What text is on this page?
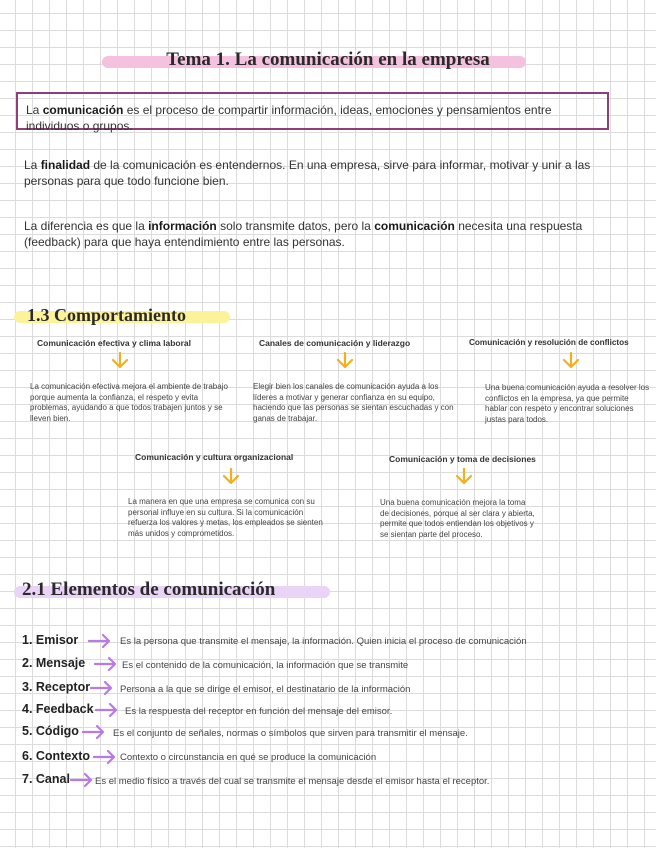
Tema 1. La comunicación en la empresa
La comunicación es el proceso de compartir información, ideas, emociones y pensamientos entre individuos o grupos.
La finalidad de la comunicación es entendernos. En una empresa, sirve para informar, motivar y unir a las personas para que todo funcione bien.
La diferencia es que la información solo transmite datos, pero la comunicación necesita una respuesta (feedback) para que haya entendimiento entre las personas.
1.3 Comportamiento
Comunicación efectiva y clima laboral
La comunicación efectiva mejora el ambiente de trabajo porque aumenta la confianza, el respeto y evita problemas, ayudando a que todos trabajen juntos y se lleven bien.
Canales de comunicación y liderazgo
Elegir bien los canales de comunicación ayuda a los líderes a motivar y generar confianza en su equipo, haciendo que las personas se sientan escuchadas y con ganas de trabajar.
Comunicación y resolución de conflictos
Una buena comunicación ayuda a resolver los conflictos en la empresa, ya que permite hablar con respeto y encontrar soluciones justas para todos.
Comunicación y cultura organizacional
La manera en que una empresa se comunica con su personal influye en su cultura. Si la comunicación refuerza los valores y metas, los empleados se sienten más unidos y comprometidos.
Comunicación y toma de decisiones
Una buena comunicación mejora la toma de decisiones, porque al ser clara y abierta, permite que todos entiendan los objetivos y se sientan parte del proceso.
2.1 Elementos de comunicación
1. Emisor	Es la persona que transmite el mensaje, la información. Quien inicia el proceso de comunicación
2. Mensaje	Es el contenido de la comunicación, la información que se transmite
3. Receptor	Persona a la que se dirige el emisor, el destinatario de la información
4. Feedback	Es la respuesta del receptor en función del mensaje del emisor.
5. Código	Es el conjunto de señales, normas o símbolos que sirven para transmitir el mensaje.
6. Contexto	Contexto o circunstancia en qué se produce la comunicación
7. Canal	Es el medio físico a través del cual se transmite el mensaje desde el emisor hasta el receptor.
